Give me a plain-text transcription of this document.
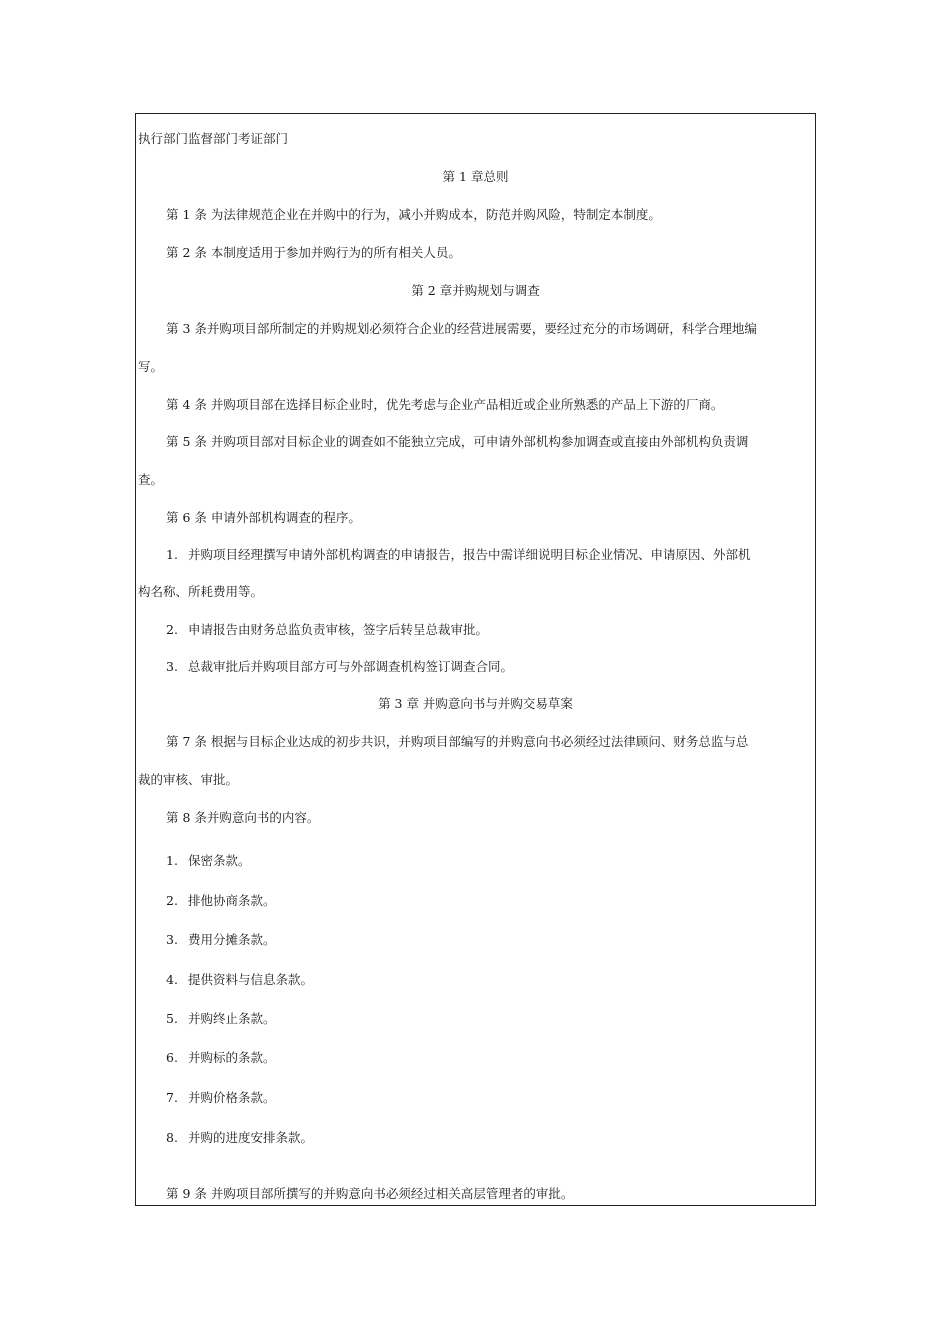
执行部门监督部门考证部门
第 1 章总则
第 1 条 为法律规范企业在并购中的行为，减小并购成本，防范并购风险，特制定本制度。
第 2 条 本制度适用于参加并购行为的所有相关人员。
第 2 章并购规划与调查
第 3 条并购项目部所制定的并购规划必须符合企业的经营进展需要，要经过充分的市场调研，科学合理地编
写。
第 4 条 并购项目部在选择目标企业时，优先考虑与企业产品相近或企业所熟悉的产品上下游的厂商。
第 5 条 并购项目部对目标企业的调查如不能独立完成，可申请外部机构参加调查或直接由外部机构负责调
查。
第 6 条 申请外部机构调查的程序。
1. 并购项目经理撰写申请外部机构调查的申请报告，报告中需详细说明目标企业情况、申请原因、外部机
构名称、所耗费用等。
2. 申请报告由财务总监负责审核，签字后转呈总裁审批。
3. 总裁审批后并购项目部方可与外部调查机构签订调查合同。
第 3 章 并购意向书与并购交易草案
第 7 条 根据与目标企业达成的初步共识，并购项目部编写的并购意向书必须经过法律顾问、财务总监与总
裁的审核、审批。
第 8 条并购意向书的内容。
1. 保密条款。
2. 排他协商条款。
3. 费用分摊条款。
4. 提供资料与信息条款。
5. 并购终止条款。
6. 并购标的条款。
7. 并购价格条款。
8. 并购的进度安排条款。
第 9 条 并购项目部所撰写的并购意向书必须经过相关高层管理者的审批。
